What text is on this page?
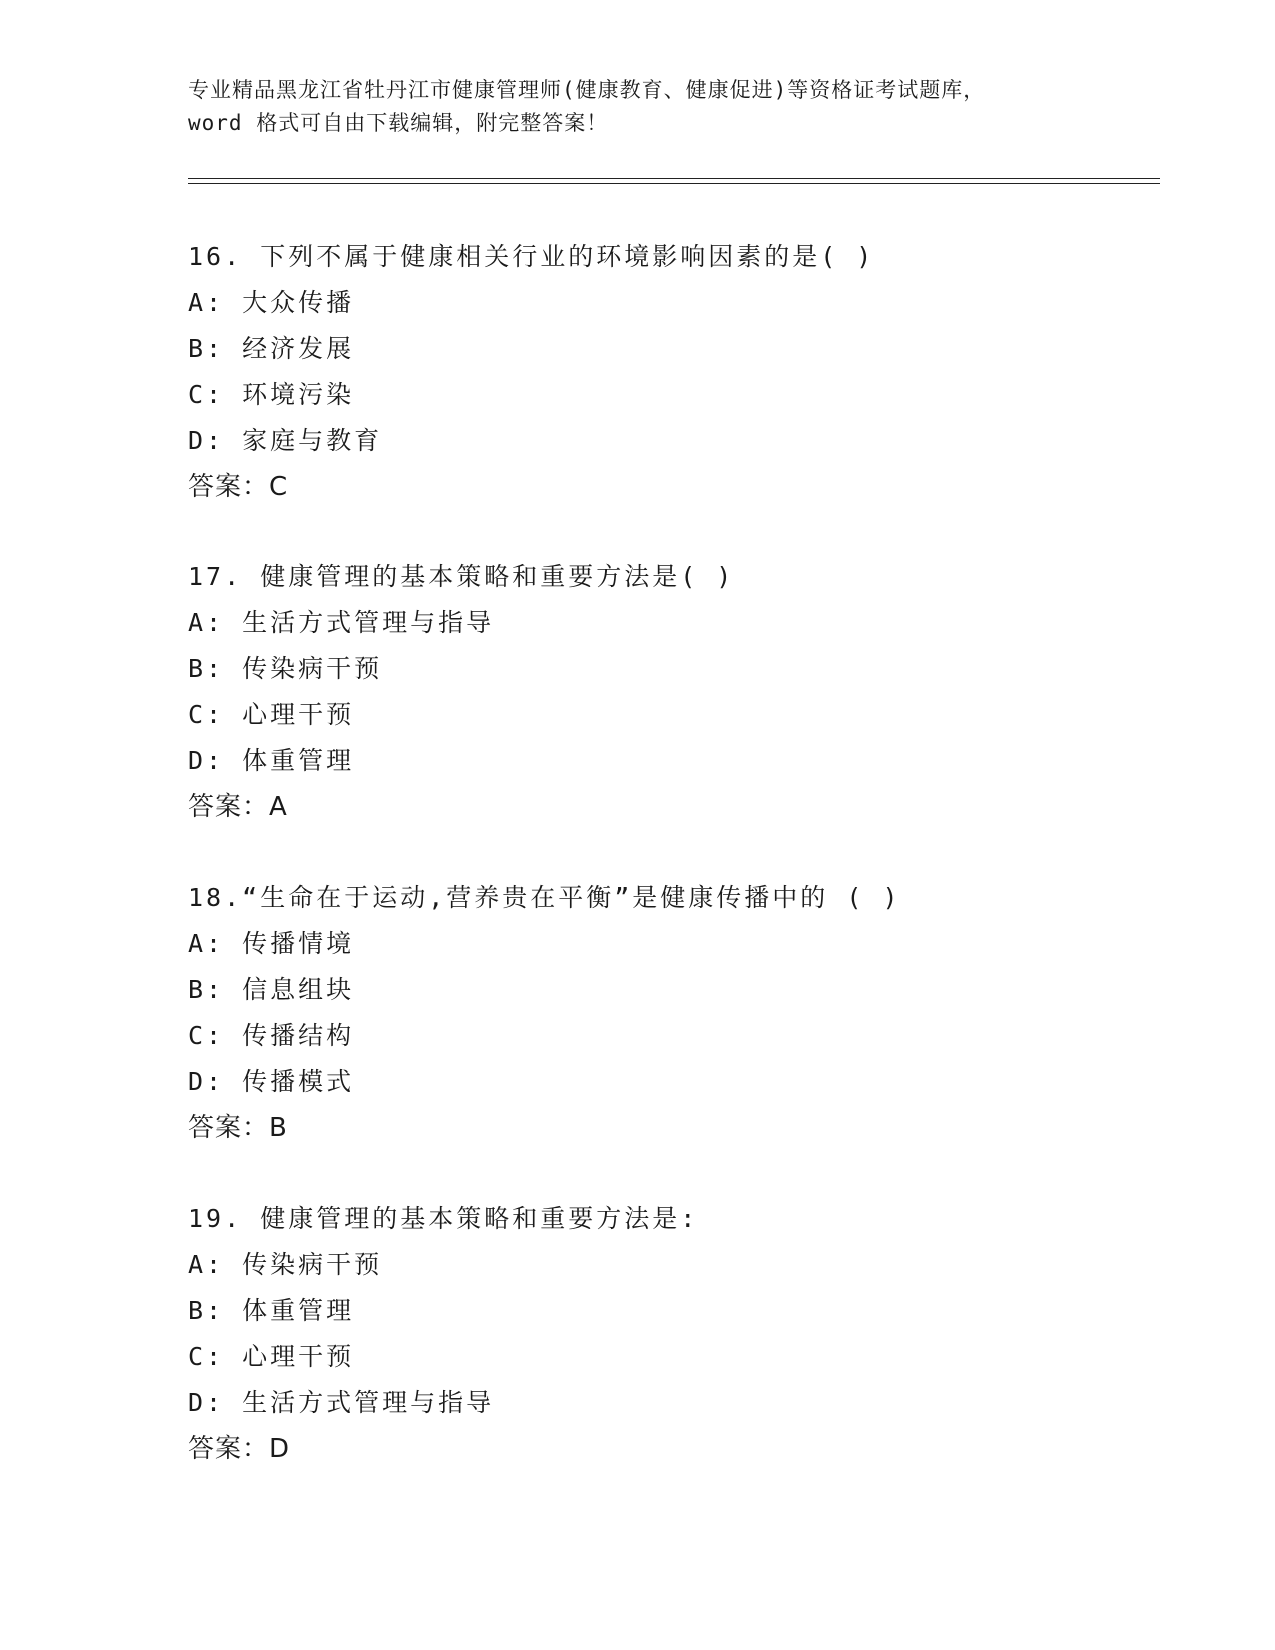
专业精品黑龙江省牡丹江市健康管理师(健康教育、健康促进)等资格证考试题库，
word 格式可自由下载编辑，附完整答案！
16. 下列不属于健康相关行业的环境影响因素的是( )
A: 大众传播
B: 经济发展
C: 环境污染
D: 家庭与教育
答案：C
17. 健康管理的基本策略和重要方法是( )
A: 生活方式管理与指导
B: 传染病干预
C: 心理干预
D: 体重管理
答案：A
18.“生命在于运动,营养贵在平衡”是健康传播中的 ( )
A: 传播情境
B: 信息组块
C: 传播结构
D: 传播模式
答案：B
19. 健康管理的基本策略和重要方法是:
A: 传染病干预
B: 体重管理
C: 心理干预
D: 生活方式管理与指导
答案：D
